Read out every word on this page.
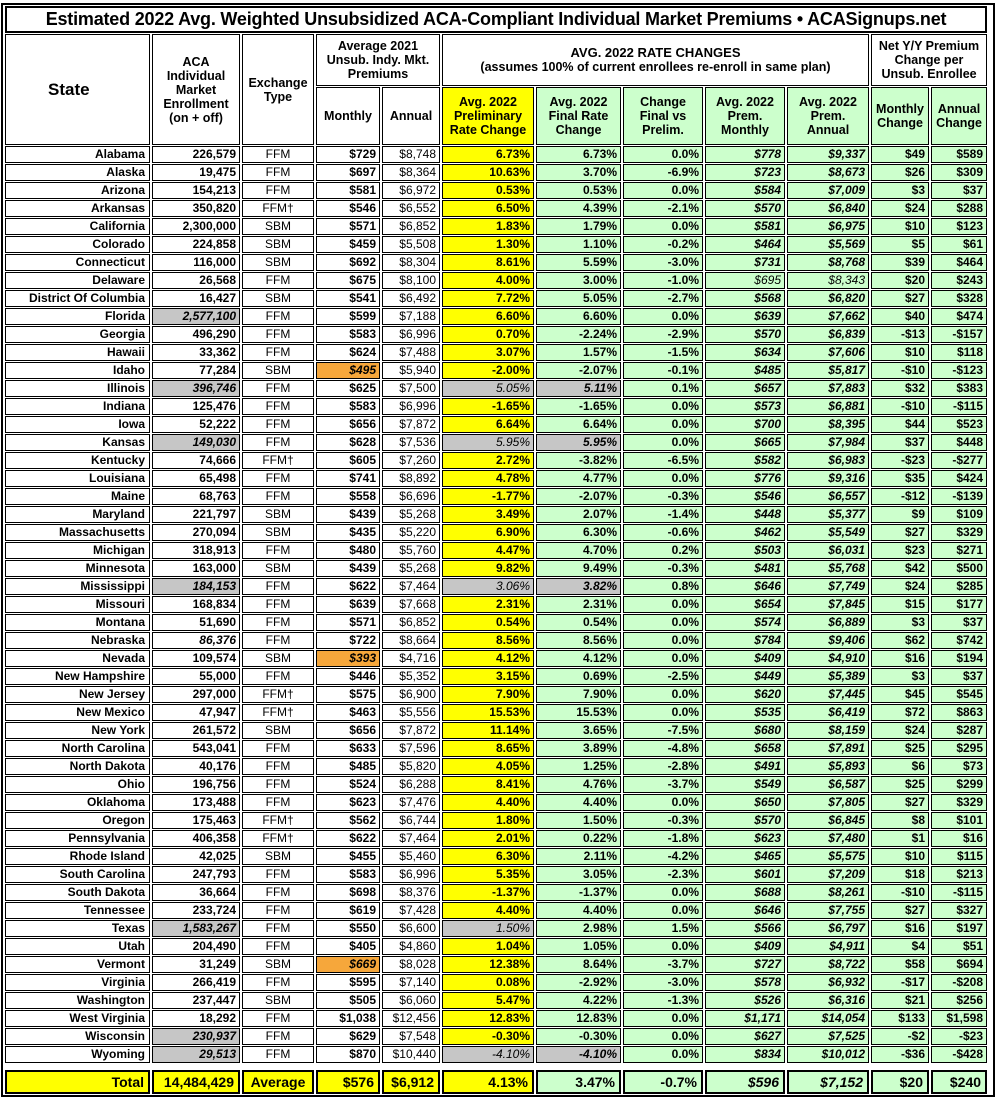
Estimated 2022 Avg. Weighted Unsubsidized ACA-Compliant Individual Market Premiums • ACASignups.net											
State	ACA Individual Market Enrollment (on + off)	Exchange Type	Average 2021 Unsub. Indy. Mkt. Premiums		AVG. 2022 RATE CHANGES
(assumes 100% of current enrollees re-enroll in same plan)					Net Y/Y Premium Change per Unsub. Enrollee	
			Monthly	Annual	Avg. 2022 Preliminary Rate Change	Avg. 2022 Final Rate Change	Change Final vs Prelim.	Avg. 2022 Prem. Monthly	Avg. 2022 Prem. Annual	Monthly Change	Annual Change
Alabama	226,579	FFM	$729	$8,748	6.73%	6.73%	0.0%	$778	$9,337	$49	$589
Alaska	19,475	FFM	$697	$8,364	10.63%	3.70%	-6.9%	$723	$8,673	$26	$309
Arizona	154,213	FFM	$581	$6,972	0.53%	0.53%	0.0%	$584	$7,009	$3	$37
Arkansas	350,820	FFM†	$546	$6,552	6.50%	4.39%	-2.1%	$570	$6,840	$24	$288
California	2,300,000	SBM	$571	$6,852	1.83%	1.79%	0.0%	$581	$6,975	$10	$123
Colorado	224,858	SBM	$459	$5,508	1.30%	1.10%	-0.2%	$464	$5,569	$5	$61
Connecticut	116,000	SBM	$692	$8,304	8.61%	5.59%	-3.0%	$731	$8,768	$39	$464
Delaware	26,568	FFM	$675	$8,100	4.00%	3.00%	-1.0%	$695	$8,343	$20	$243
District Of Columbia	16,427	SBM	$541	$6,492	7.72%	5.05%	-2.7%	$568	$6,820	$27	$328
Florida	2,577,100	FFM	$599	$7,188	6.60%	6.60%	0.0%	$639	$7,662	$40	$474
Georgia	496,290	FFM	$583	$6,996	0.70%	-2.24%	-2.9%	$570	$6,839	-$13	-$157
Hawaii	33,362	FFM	$624	$7,488	3.07%	1.57%	-1.5%	$634	$7,606	$10	$118
Idaho	77,284	SBM	$495	$5,940	-2.00%	-2.07%	-0.1%	$485	$5,817	-$10	-$123
Illinois	396,746	FFM	$625	$7,500	5.05%	5.11%	0.1%	$657	$7,883	$32	$383
Indiana	125,476	FFM	$583	$6,996	-1.65%	-1.65%	0.0%	$573	$6,881	-$10	-$115
Iowa	52,222	FFM	$656	$7,872	6.64%	6.64%	0.0%	$700	$8,395	$44	$523
Kansas	149,030	FFM	$628	$7,536	5.95%	5.95%	0.0%	$665	$7,984	$37	$448
Kentucky	74,666	FFM†	$605	$7,260	2.72%	-3.82%	-6.5%	$582	$6,983	-$23	-$277
Louisiana	65,498	FFM	$741	$8,892	4.78%	4.77%	0.0%	$776	$9,316	$35	$424
Maine	68,763	FFM	$558	$6,696	-1.77%	-2.07%	-0.3%	$546	$6,557	-$12	-$139
Maryland	221,797	SBM	$439	$5,268	3.49%	2.07%	-1.4%	$448	$5,377	$9	$109
Massachusetts	270,094	SBM	$435	$5,220	6.90%	6.30%	-0.6%	$462	$5,549	$27	$329
Michigan	318,913	FFM	$480	$5,760	4.47%	4.70%	0.2%	$503	$6,031	$23	$271
Minnesota	163,000	SBM	$439	$5,268	9.82%	9.49%	-0.3%	$481	$5,768	$42	$500
Mississippi	184,153	FFM	$622	$7,464	3.06%	3.82%	0.8%	$646	$7,749	$24	$285
Missouri	168,834	FFM	$639	$7,668	2.31%	2.31%	0.0%	$654	$7,845	$15	$177
Montana	51,690	FFM	$571	$6,852	0.54%	0.54%	0.0%	$574	$6,889	$3	$37
Nebraska	86,376	FFM	$722	$8,664	8.56%	8.56%	0.0%	$784	$9,406	$62	$742
Nevada	109,574	SBM	$393	$4,716	4.12%	4.12%	0.0%	$409	$4,910	$16	$194
New Hampshire	55,000	FFM	$446	$5,352	3.15%	0.69%	-2.5%	$449	$5,389	$3	$37
New Jersey	297,000	FFM†	$575	$6,900	7.90%	7.90%	0.0%	$620	$7,445	$45	$545
New Mexico	47,947	FFM†	$463	$5,556	15.53%	15.53%	0.0%	$535	$6,419	$72	$863
New York	261,572	SBM	$656	$7,872	11.14%	3.65%	-7.5%	$680	$8,159	$24	$287
North Carolina	543,041	FFM	$633	$7,596	8.65%	3.89%	-4.8%	$658	$7,891	$25	$295
North Dakota	40,176	FFM	$485	$5,820	4.05%	1.25%	-2.8%	$491	$5,893	$6	$73
Ohio	196,756	FFM	$524	$6,288	8.41%	4.76%	-3.7%	$549	$6,587	$25	$299
Oklahoma	173,488	FFM	$623	$7,476	4.40%	4.40%	0.0%	$650	$7,805	$27	$329
Oregon	175,463	FFM†	$562	$6,744	1.80%	1.50%	-0.3%	$570	$6,845	$8	$101
Pennsylvania	406,358	FFM†	$622	$7,464	2.01%	0.22%	-1.8%	$623	$7,480	$1	$16
Rhode Island	42,025	SBM	$455	$5,460	6.30%	2.11%	-4.2%	$465	$5,575	$10	$115
South Carolina	247,793	FFM	$583	$6,996	5.35%	3.05%	-2.3%	$601	$7,209	$18	$213
South Dakota	36,664	FFM	$698	$8,376	-1.37%	-1.37%	0.0%	$688	$8,261	-$10	-$115
Tennessee	233,724	FFM	$619	$7,428	4.40%	4.40%	0.0%	$646	$7,755	$27	$327
Texas	1,583,267	FFM	$550	$6,600	1.50%	2.98%	1.5%	$566	$6,797	$16	$197
Utah	204,490	FFM	$405	$4,860	1.04%	1.05%	0.0%	$409	$4,911	$4	$51
Vermont	31,249	SBM	$669	$8,028	12.38%	8.64%	-3.7%	$727	$8,722	$58	$694
Virginia	266,419	FFM	$595	$7,140	0.08%	-2.92%	-3.0%	$578	$6,932	-$17	-$208
Washington	237,447	SBM	$505	$6,060	5.47%	4.22%	-1.3%	$526	$6,316	$21	$256
West Virginia	18,292	FFM	$1,038	$12,456	12.83%	12.83%	0.0%	$1,171	$14,054	$133	$1,598
Wisconsin	230,937	FFM	$629	$7,548	-0.30%	-0.30%	0.0%	$627	$7,525	-$2	-$23
Wyoming	29,513	FFM	$870	$10,440	-4.10%	-4.10%	0.0%	$834	$10,012	-$36	-$428

Total	14,484,429	Average	$576	$6,912	4.13%	3.47%	-0.7%	$596	$7,152	$20	$240
